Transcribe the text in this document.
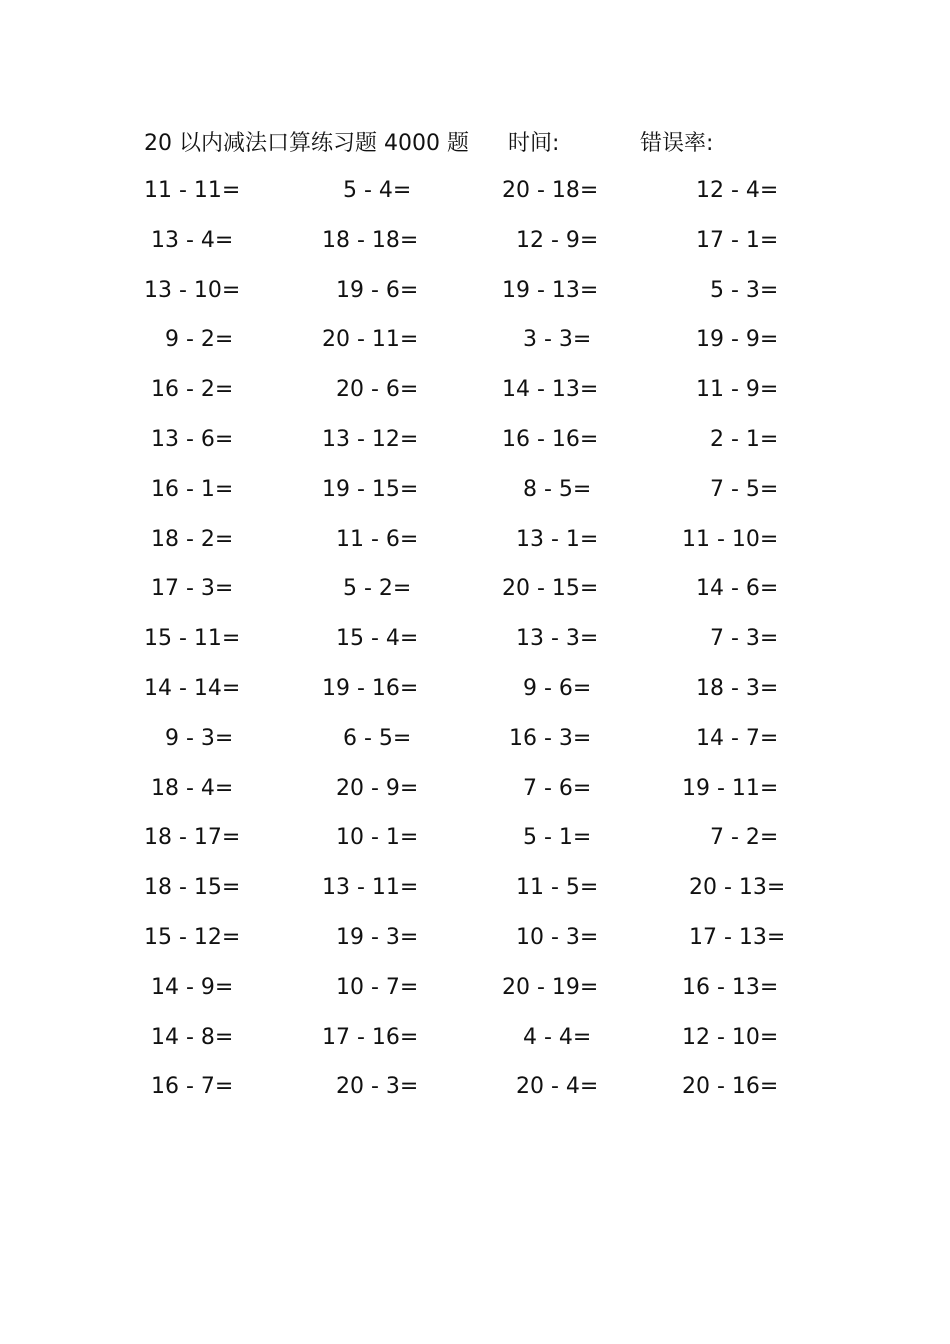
20 以内减法口算练习题 4000 题 时间:	错误率:
11 - 11=
13 - 4=
13 - 10=
9 - 2=
16 - 2=
13 - 6=
16 - 1=
18 - 2=
17 - 3=
15 - 11=
14 - 14=
9 - 3=
18 - 4=
18 - 17=
18 - 15=
15 - 12=
14 - 9=
14 - 8=
16 - 7=
5 - 4=
18 - 18=
19 - 6=
20 - 11=
20 - 6=
13 - 12=
19 - 15=
11 - 6=
5 - 2=
15 - 4=
19 - 16=
6 - 5=
20 - 9=
10 - 1=
13 - 11=
19 - 3=
10 - 7=
17 - 16=
20 - 3=
20 - 18=
12 - 9=
19 - 13=
3 - 3=
14 - 13=
16 - 16=
8 - 5=
13 - 1=
20 - 15=
13 - 3=
9 - 6=
16 - 3=
7 - 6=
5 - 1=
11 - 5=
10 - 3=
20 - 19=
4 - 4=
20 - 4=
12 - 4=
17 - 1=
5 - 3=
19 - 9=
11 - 9=
2 - 1=
7 - 5=
11 - 10=
14 - 6=
7 - 3=
18 - 3=
14 - 7=
19 - 11=
7 - 2=
20 - 13=
17 - 13=
16 - 13=
12 - 10=
20 - 16=
